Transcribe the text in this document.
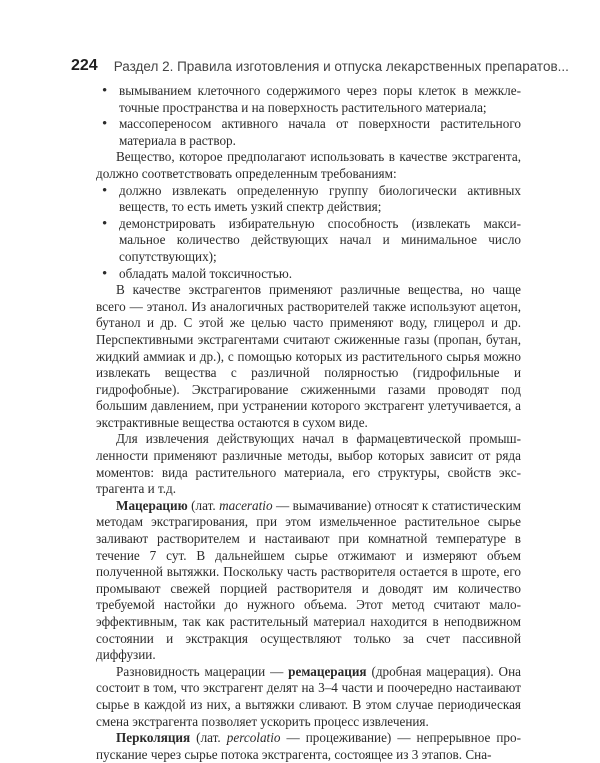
224	Раздел 2. Правила изготовления и отпуска лекарственных препаратов...
• вымыванием клеточного содержимого через поры клеток в межклеточные пространства и на поверхность растительного материала;
• массопереносом активного начала от поверхности растительного материала в раствор.

Вещество, которое предполагают использовать в качестве экстрагента, должно соответствовать определенным требованиям:

• должно извлекать определенную группу биологически активных веществ, то есть иметь узкий спектр действия;
• демонстрировать избирательную способность (извлекать максимальное количество действующих начал и минимальное число сопутствующих);
• обладать малой токсичностью.

В качестве экстрагентов применяют различные вещества, но чаще всего — этанол. Из аналогичных растворителей также используют ацетон, бутанол и др. С этой же целью часто применяют воду, глицерол и др. Перспективными экстрагентами считают сжиженные газы (пропан, бутан, жидкий аммиак и др.), с помощью которых из растительного сырья можно извлекать вещества с различной полярностью (гидрофильные и гидрофобные). Экстрагирование сжиженными газами проводят под большим давлением, при устранении которого экстрагент улетучивается, а экстрактивные вещества остаются в сухом виде.

Для извлечения действующих начал в фармацевтической промышленности применяют различные методы, выбор которых зависит от ряда моментов: вида растительного материала, его структуры, свойств экстрагента и т.д.

Мацерацию (лат. maceratio — вымачивание) относят к статистическим методам экстрагирования, при этом измельченное растительное сырье заливают растворителем и настаивают при комнатной температуре в течение 7 сут. В дальнейшем сырье отжимают и измеряют объем полученной вытяжки. Поскольку часть растворителя остается в шроте, его промывают свежей порцией растворителя и доводят им количество требуемой настойки до нужного объема. Этот метод считают малоэффективным, так как растительный материал находится в неподвижном состоянии и экстракция осуществляют только за счет пассивной диффузии.

Разновидность мацерации — ремацерация (дробная мацерация). Она состоит в том, что экстрагент делят на 3–4 части и поочередно настаивают сырье в каждой из них, а вытяжки сливают. В этом случае периодическая смена экстрагента позволяет ускорить процесс извлечения.

Перколяция (лат. percolatio — процеживание) — непрерывное пропускание через сырье потока экстрагента, состоящее из 3 этапов. Сна-
